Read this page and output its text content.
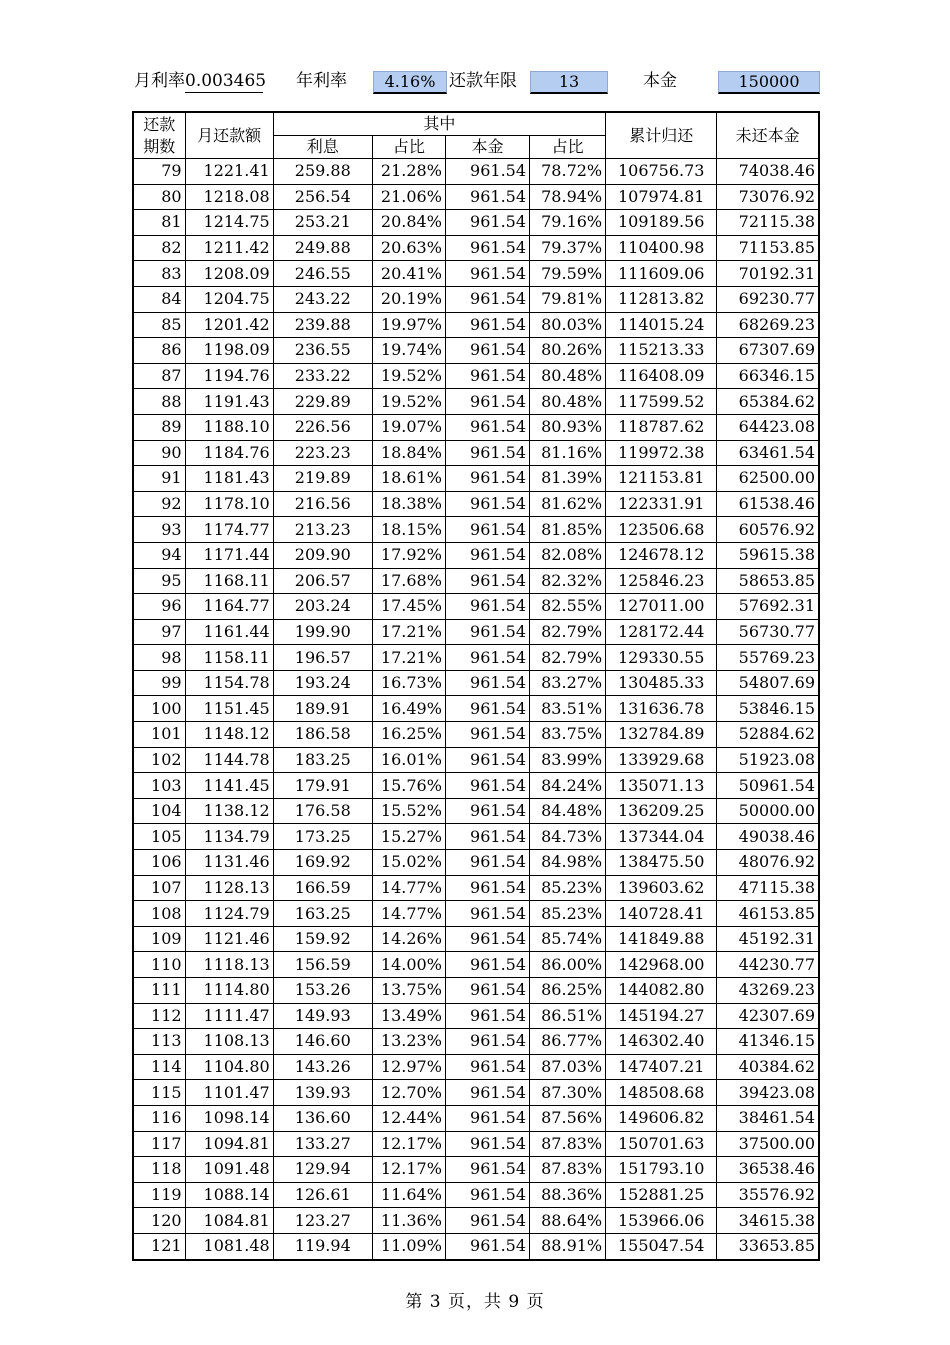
月利率0.003465 年利率	4.16% 还款年限	13	本金	150000
还款
期数	月还款额	其中				累计归还	未还本金
		利息	占比	本金	占比		
79	1221.41	259.88	21.28%	961.54	78.72%	106756.73	74038.46
80	1218.08	256.54	21.06%	961.54	78.94%	107974.81	73076.92
81	1214.75	253.21	20.84%	961.54	79.16%	109189.56	72115.38
82	1211.42	249.88	20.63%	961.54	79.37%	110400.98	71153.85
83	1208.09	246.55	20.41%	961.54	79.59%	111609.06	70192.31
84	1204.75	243.22	20.19%	961.54	79.81%	112813.82	69230.77
85	1201.42	239.88	19.97%	961.54	80.03%	114015.24	68269.23
86	1198.09	236.55	19.74%	961.54	80.26%	115213.33	67307.69
87	1194.76	233.22	19.52%	961.54	80.48%	116408.09	66346.15
88	1191.43	229.89	19.52%	961.54	80.48%	117599.52	65384.62
89	1188.10	226.56	19.07%	961.54	80.93%	118787.62	64423.08
90	1184.76	223.23	18.84%	961.54	81.16%	119972.38	63461.54
91	1181.43	219.89	18.61%	961.54	81.39%	121153.81	62500.00
92	1178.10	216.56	18.38%	961.54	81.62%	122331.91	61538.46
93	1174.77	213.23	18.15%	961.54	81.85%	123506.68	60576.92
94	1171.44	209.90	17.92%	961.54	82.08%	124678.12	59615.38
95	1168.11	206.57	17.68%	961.54	82.32%	125846.23	58653.85
96	1164.77	203.24	17.45%	961.54	82.55%	127011.00	57692.31
97	1161.44	199.90	17.21%	961.54	82.79%	128172.44	56730.77
98	1158.11	196.57	17.21%	961.54	82.79%	129330.55	55769.23
99	1154.78	193.24	16.73%	961.54	83.27%	130485.33	54807.69
100	1151.45	189.91	16.49%	961.54	83.51%	131636.78	53846.15
101	1148.12	186.58	16.25%	961.54	83.75%	132784.89	52884.62
102	1144.78	183.25	16.01%	961.54	83.99%	133929.68	51923.08
103	1141.45	179.91	15.76%	961.54	84.24%	135071.13	50961.54
104	1138.12	176.58	15.52%	961.54	84.48%	136209.25	50000.00
105	1134.79	173.25	15.27%	961.54	84.73%	137344.04	49038.46
106	1131.46	169.92	15.02%	961.54	84.98%	138475.50	48076.92
107	1128.13	166.59	14.77%	961.54	85.23%	139603.62	47115.38
108	1124.79	163.25	14.77%	961.54	85.23%	140728.41	46153.85
109	1121.46	159.92	14.26%	961.54	85.74%	141849.88	45192.31
110	1118.13	156.59	14.00%	961.54	86.00%	142968.00	44230.77
111	1114.80	153.26	13.75%	961.54	86.25%	144082.80	43269.23
112	1111.47	149.93	13.49%	961.54	86.51%	145194.27	42307.69
113	1108.13	146.60	13.23%	961.54	86.77%	146302.40	41346.15
114	1104.80	143.26	12.97%	961.54	87.03%	147407.21	40384.62
115	1101.47	139.93	12.70%	961.54	87.30%	148508.68	39423.08
116	1098.14	136.60	12.44%	961.54	87.56%	149606.82	38461.54
117	1094.81	133.27	12.17%	961.54	87.83%	150701.63	37500.00
118	1091.48	129.94	12.17%	961.54	87.83%	151793.10	36538.46
119	1088.14	126.61	11.64%	961.54	88.36%	152881.25	35576.92
120	1084.81	123.27	11.36%	961.54	88.64%	153966.06	34615.38
121	1081.48	119.94	11.09%	961.54	88.91%	155047.54	33653.85
第 3 页，共 9 页
